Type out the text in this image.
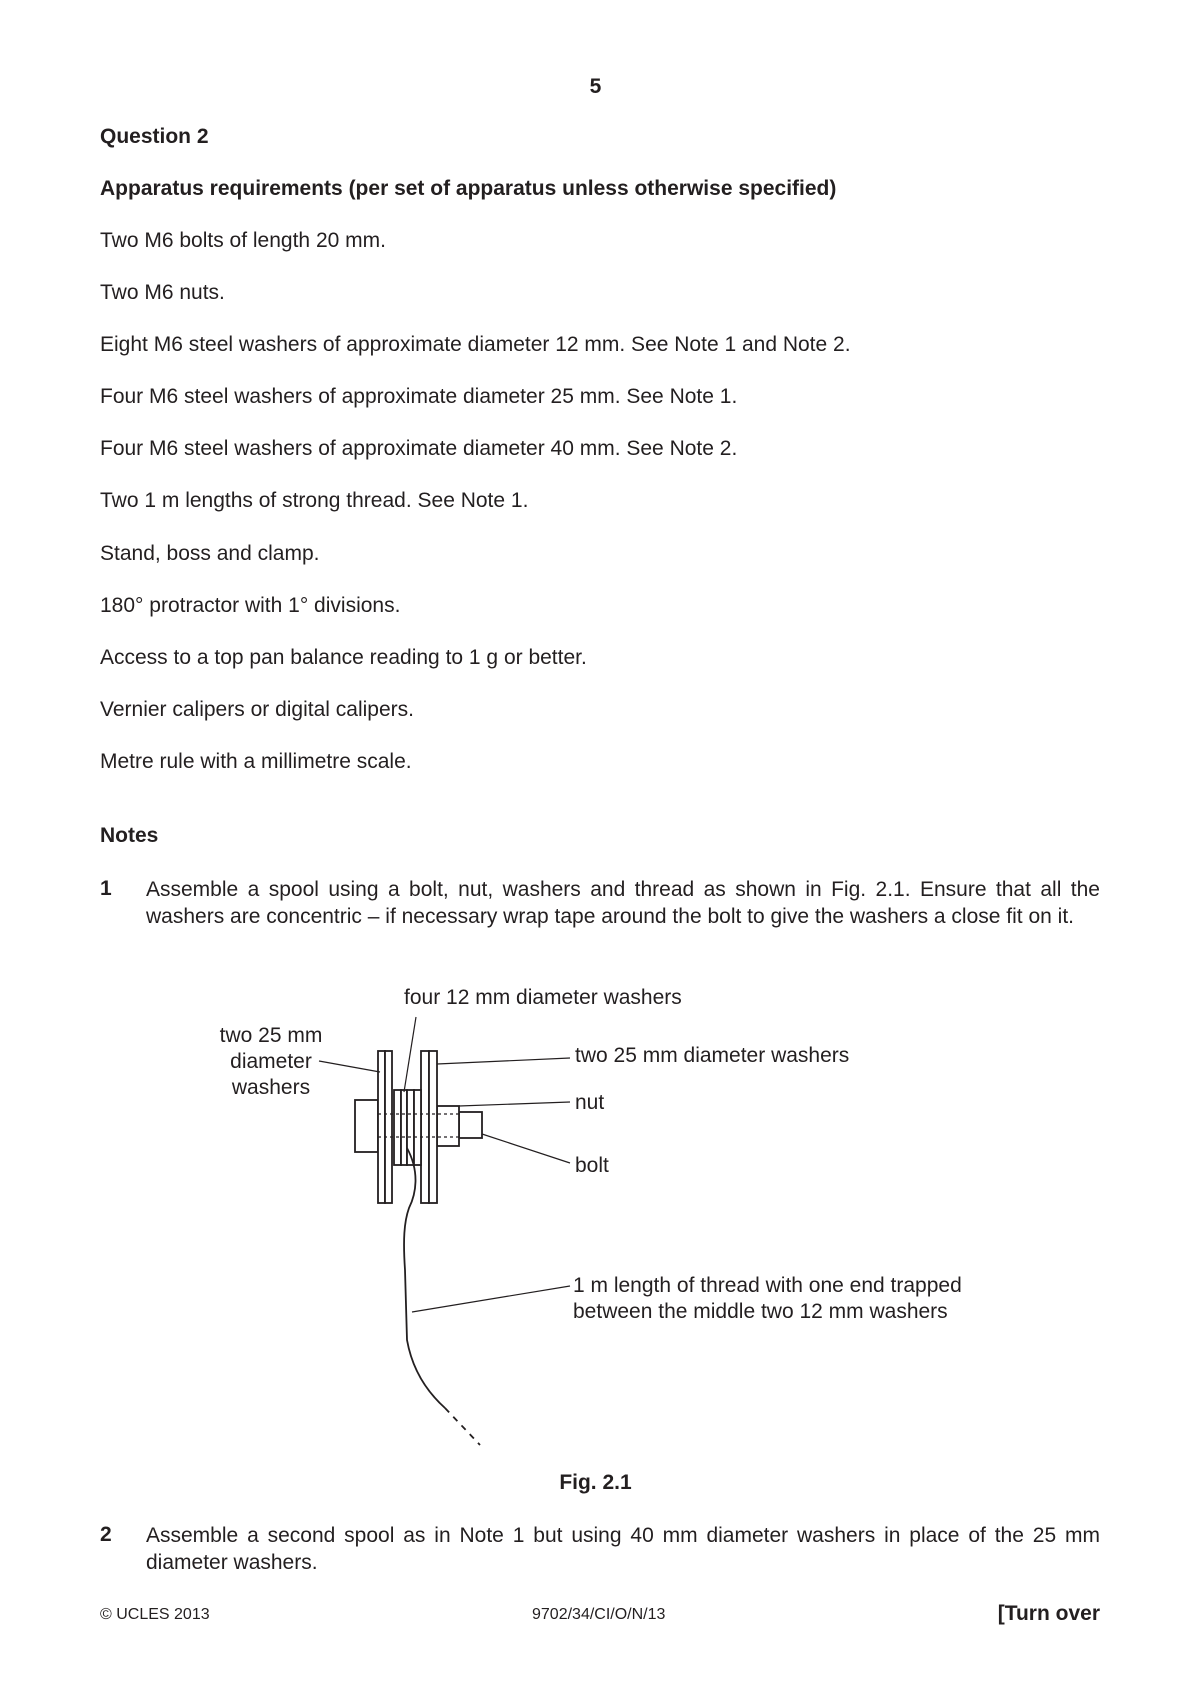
5
Question 2
Apparatus requirements (per set of apparatus unless otherwise specified)
Two M6 bolts of length 20 mm.
Two M6 nuts.
Eight M6 steel washers of approximate diameter 12 mm. See Note 1 and Note 2.
Four M6 steel washers of approximate diameter 25 mm. See Note 1.
Four M6 steel washers of approximate diameter 40 mm. See Note 2.
Two 1 m lengths of strong thread. See Note 1.
Stand, boss and clamp.
180° protractor with 1° divisions.
Access to a top pan balance reading to 1 g or better.
Vernier calipers or digital calipers.
Metre rule with a millimetre scale.
Notes
1 Assemble a spool using a bolt, nut, washers and thread as shown in Fig. 2.1. Ensure that all the washers are concentric – if necessary wrap tape around the bolt to give the washers a close fit on it.
four 12 mm diameter washers
two 25 mm
diameter
washers
two 25 mm diameter washers
nut
bolt
1 m length of thread with one end trapped
between the middle two 12 mm washers
Fig. 2.1
2 Assemble a second spool as in Note 1 but using 40 mm diameter washers in place of the 25 mm diameter washers.
© UCLES 2013	9702/34/CI/O/N/13	[Turn over
